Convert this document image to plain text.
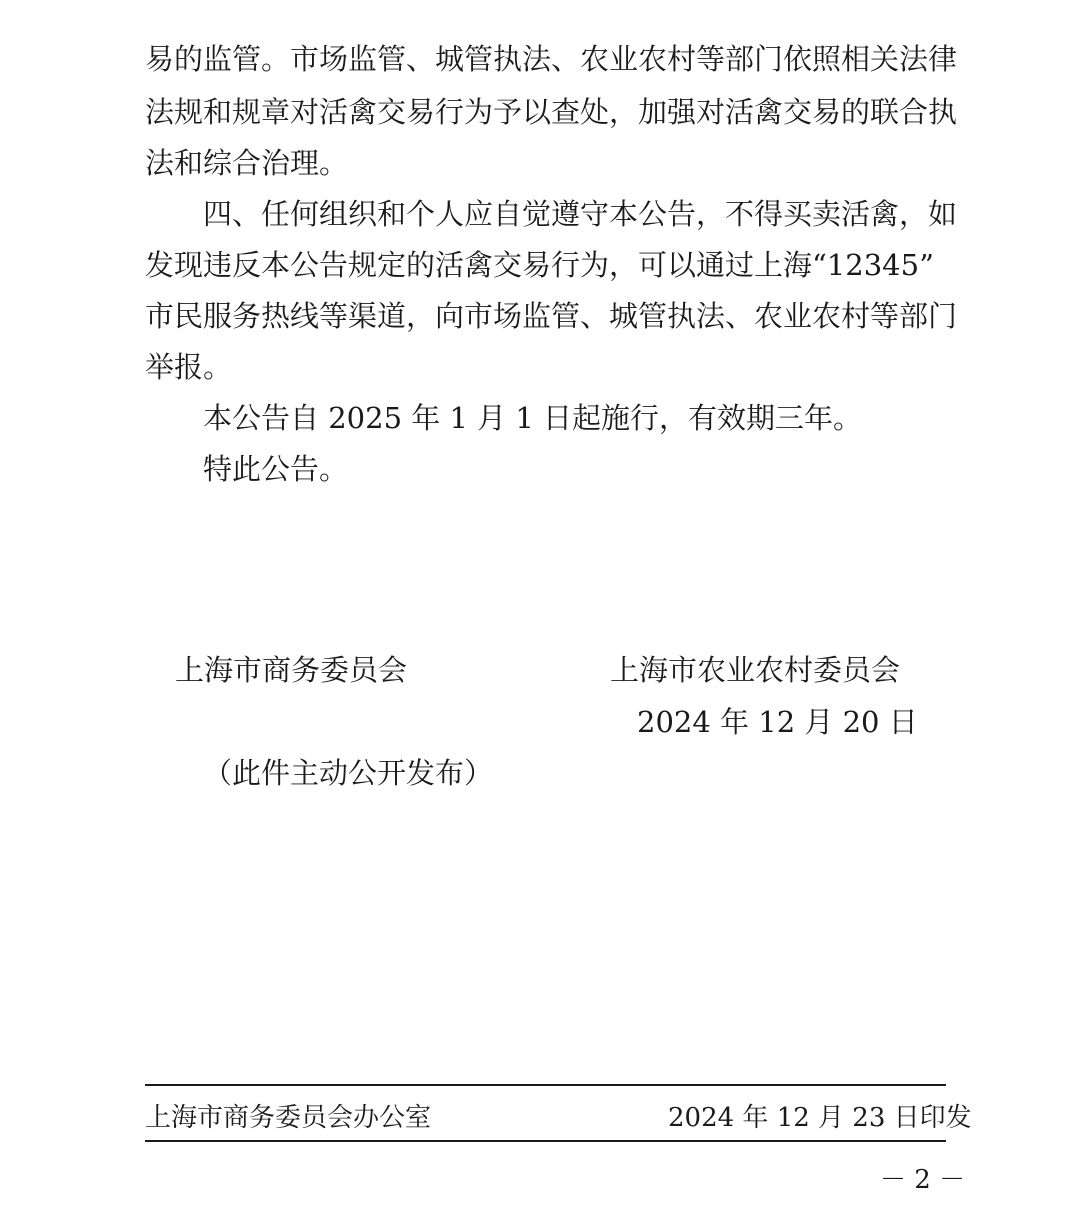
易的监管。市场监管、城管执法、农业农村等部门依照相关法律
法规和规章对活禽交易行为予以查处，加强对活禽交易的联合执
法和综合治理。
四、任何组织和个人应自觉遵守本公告，不得买卖活禽，如
发现违反本公告规定的活禽交易行为，可以通过上海“12345”
市民服务热线等渠道，向市场监管、城管执法、农业农村等部门
举报。
本公告自 2025 年 1 月 1 日起施行，有效期三年。
特此公告。
上海市商务委员会	上海市农业农村委员会
2024 年 12 月 20 日
（此件主动公开发布）
上海市商务委员会办公室	2024 年 12 月 23 日印发
－ 2 －
